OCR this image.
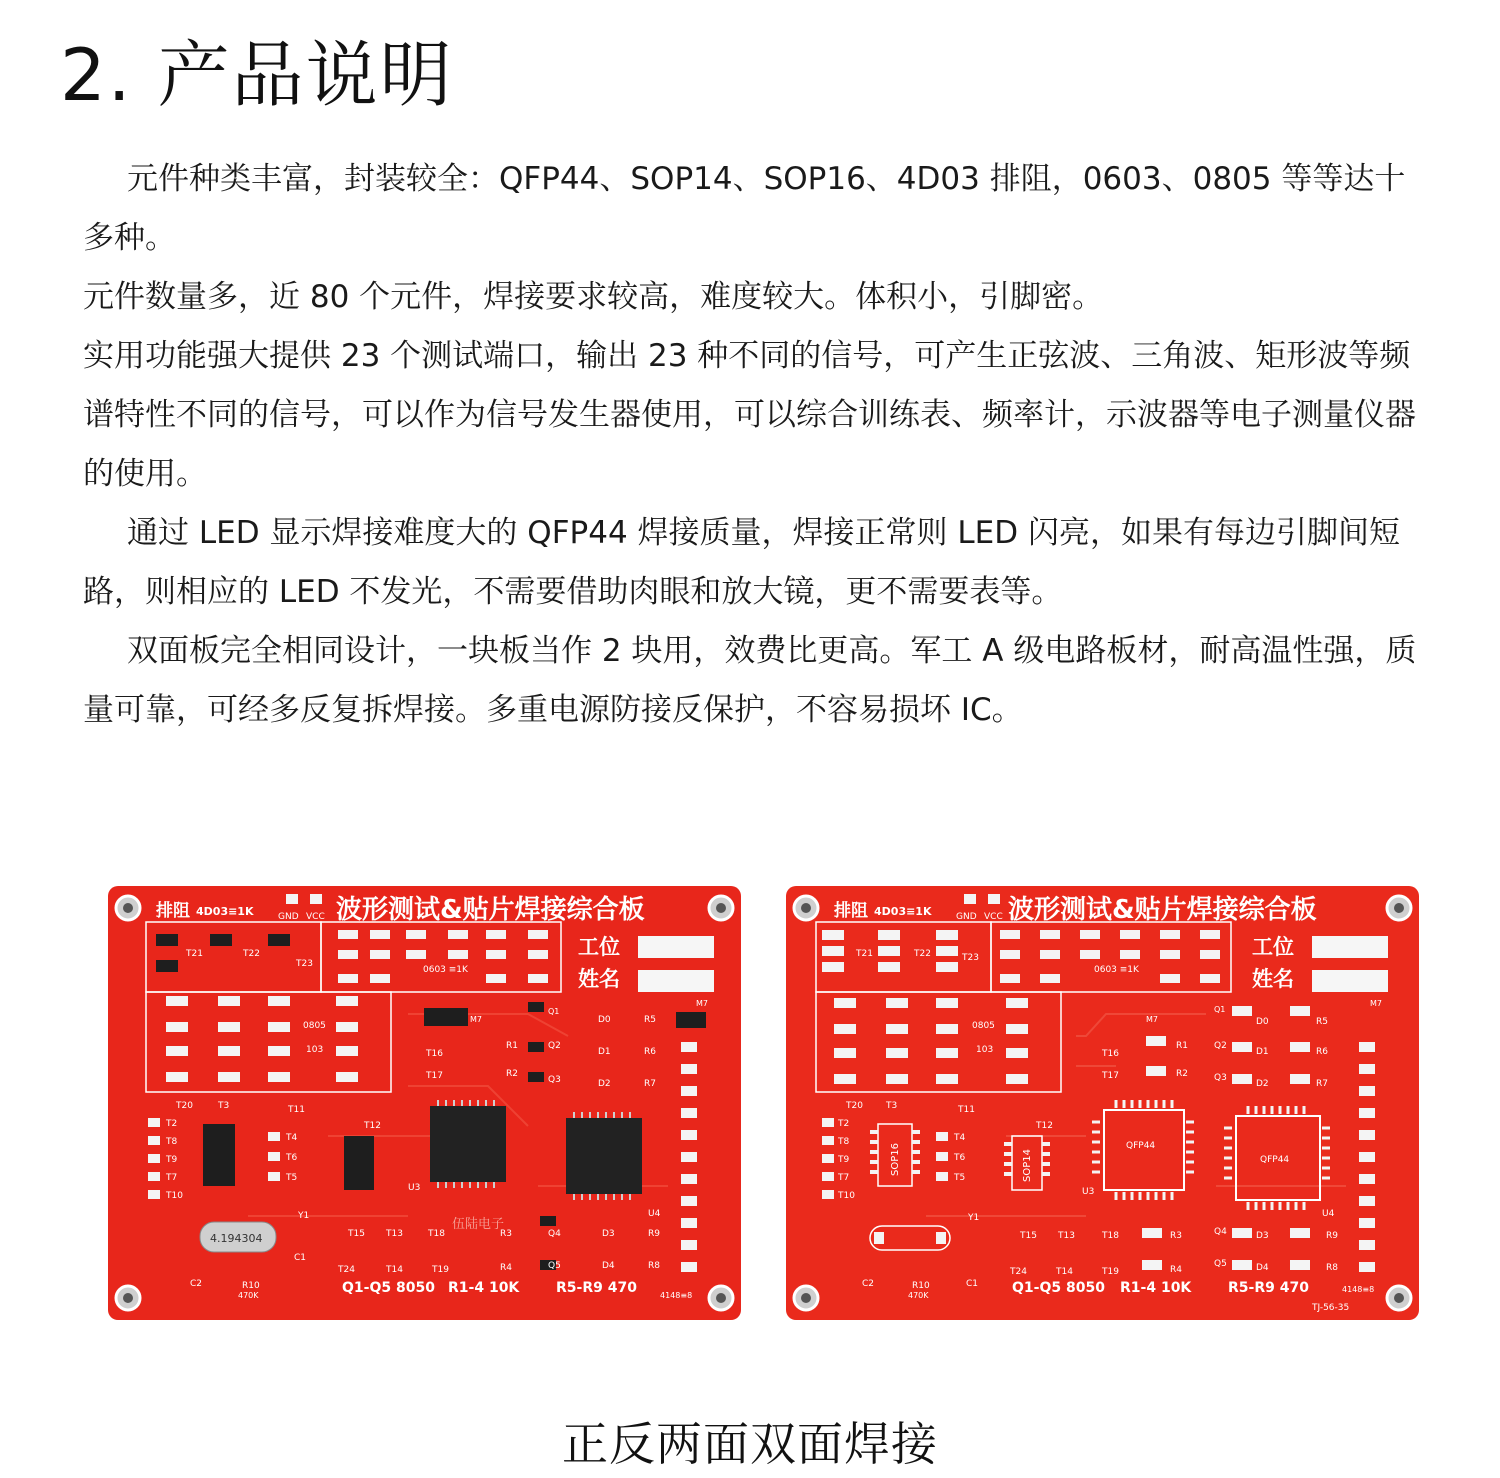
2. 产品说明

元件种类丰富，封装较全：QFP44、SOP14、SOP16、4D03 排阻，0603、0805 等等达十多种。

元件数量多，近 80 个元件，焊接要求较高，难度较大。体积小，引脚密。

实用功能强大提供 23 个测试端口，输出 23 种不同的信号，可产生正弦波、三角波、矩形波等频谱特性不同的信号，可以作为信号发生器使用，可以综合训练表、频率计，示波器等电子测量仪器的使用。

通过 LED 显示焊接难度大的 QFP44 焊接质量，焊接正常则 LED 闪亮，如果有每边引脚间短路，则相应的 LED 不发光，不需要借助肉眼和放大镜，更不需要表等。

双面板完全相同设计，一块板当作 2 块用，效费比更高。军工 A 级电路板材，耐高温性强，质量可靠，可经多反复拆焊接。多重电源防接反保护，不容易损坏 IC。

排阻 4D03≡1K	GND VCC 波形测试&贴片焊接综合板
工位
姓名
0603 ≡1K
T21	T22
T23
0805
103
4.194304
T2
T8
T9
T7
T10
T4
T6
T5
T20	T3	T11
T12
T16
T17
U3
U4
Y1
T15 T13	T18
T24	T14	T19
C2
C1
R10
470K
D0
D1
D2
D3
D4
R5
R6
R7
R9
R8
R1
R2
R3
R4
Q1
Q2
Q3
Q4
Q5
M7
M7
伍陆电子
Q1-Q5 8050 R1-4 10K	R5-R9 470	4148≡8
排阻 4D03≡1K	GND VCC 波形测试&贴片焊接综合板
工位
姓名
0603 ≡1K
T21	T22	T23
0805
103
SOP16	SOP14
QFP44
QFP44
T2
T8
T9
T7
T10
T4
T6
T5
T20	T3	T11
T12
T16
T17
U3
U4
Y1
T15 T13	T18
T24	T14	T19
C2	C1
R10
470K
D0
D1
D2
D3
D4
R5
R6
R7
R9
R8
R1
R2
R3
R4
Q1
Q2
Q3
Q4
Q5
M7
M7
Q1-Q5 8050 R1-4 10K	R5-R9 470	4148≡8
TJ-56-35
正反两面双面焊接
